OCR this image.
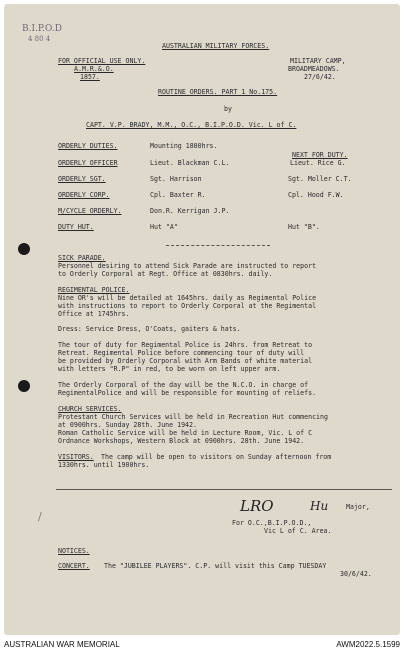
B.I.P.O.D
4 80 4
AUSTRALIAN MILITARY FORCES.
FOR OFFICIAL USE ONLY.
A.M.R.&.O.
1857.
MILITARY CAMP,
BROADMEADOWS.
27/6/42.
ROUTINE ORDERS. PART 1 No.175.
by
CAPT. V.P. BRADY, M.M., O.C., B.I.P.O.D. Vic. L of C.
NEXT FOR DUTY.
ORDERLY DUTIES.	Mounting 1800hrs.
ORDERLY OFFICER	Lieut. Blackman C.L.	Lieut. Rice G.
ORDERLY SGT.	Sgt. Harrison	Sgt. Moller C.T.
ORDERLY CORP.	Cpl. Baxter R.	Cpl. Hood F.W.
M/CYCLE ORDERLY.	Don.R. Kerrigan J.P.
DUTY HUT.	Hut "A"	Hut "B".
SICK PARADE.
Personnel desiring to attend Sick Parade are instructed to report
to Orderly Corporal at Regt. Office at 0830hrs. daily.
REGIMENTAL POLICE.
Nine OR's will be detailed at 1645hrs. daily as Regimental Police
with instructions to report to Orderly Corporal at the Regimental
Office at 1745hrs.
Dress: Service Dress, O'Coats, gaiters & hats.
The tour of duty for Regimental Police is 24hrs. from Retreat to
Retreat. Regimental Police before commencing tour of duty will
be provided by Orderly Corporal with Arm Bands of white material
with letters "R.P" in red, to be worn on left upper arm.
The Orderly Corporal of the day will be the N.C.O. in charge of
RegimentalPolice and will be responsible for mounting of reliefs.
CHURCH SERVICES.
Protestant Church Services will be held in Recreation Hut commencing
at 0900hrs. Sunday 28th. June 1942.
Roman Catholic Service will be held in Lecture Room, Vic. L of C
Ordnance Workshops, Western Block at 0900hrs. 28th. June 1942.
VISITORS. The camp will be open to visitors on Sunday afternoon from
1330hrs. until 1900hrs.
LRO	Hu	Major,
For O.C.,B.I.P.O.D.,
Vic L of C. Area.
/
NOTICES.
CONCERT. The "JUBILEE PLAYERS". C.P. will visit this Camp TUESDAY
30/6/42.
AUSTRALIAN WAR MEMORIAL	AWM2022.5.1599
